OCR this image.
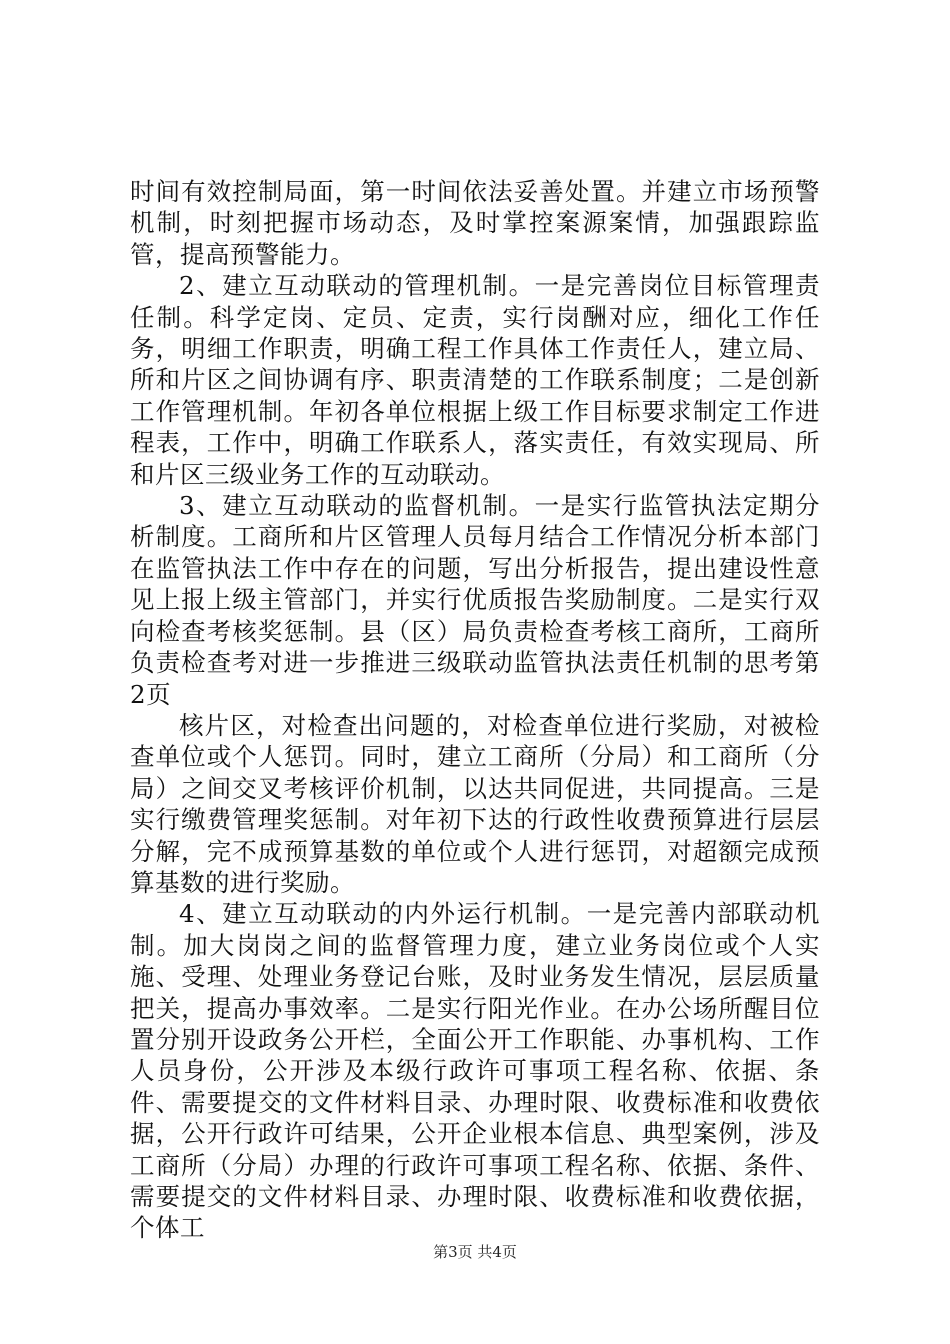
时间有效控制局面，第一时间依法妥善处置。并建立市场预警机制，时刻把握市场动态，及时掌控案源案情，加强跟踪监管，提高预警能力。

2、建立互动联动的管理机制。一是完善岗位目标管理责任制。科学定岗、定员、定责，实行岗酬对应，细化工作任务，明细工作职责，明确工程工作具体工作责任人，建立局、所和片区之间协调有序、职责清楚的工作联系制度；二是创新工作管理机制。年初各单位根据上级工作目标要求制定工作进程表，工作中，明确工作联系人，落实责任，有效实现局、所和片区三级业务工作的互动联动。

3、建立互动联动的监督机制。一是实行监管执法定期分析制度。工商所和片区管理人员每月结合工作情况分析本部门在监管执法工作中存在的问题，写出分析报告，提出建设性意见上报上级主管部门，并实行优质报告奖励制度。二是实行双向检查考核奖惩制。县（区）局负责检查考核工商所，工商所负责检查考对进一步推进三级联动监管执法责任机制的思考第2页

核片区，对检查出问题的，对检查单位进行奖励，对被检查单位或个人惩罚。同时，建立工商所（分局）和工商所（分局）之间交叉考核评价机制，以达共同促进，共同提高。三是实行缴费管理奖惩制。对年初下达的行政性收费预算进行层层分解，完不成预算基数的单位或个人进行惩罚，对超额完成预算基数的进行奖励。

4、建立互动联动的内外运行机制。一是完善内部联动机制。加大岗岗之间的监督管理力度，建立业务岗位或个人实施、受理、处理业务登记台账，及时业务发生情况，层层质量把关，提高办事效率。二是实行阳光作业。在办公场所醒目位置分别开设政务公开栏，全面公开工作职能、办事机构、工作人员身份，公开涉及本级行政许可事项工程名称、依据、条件、需要提交的文件材料目录、办理时限、收费标准和收费依据，公开行政许可结果，公开企业根本信息、典型案例，涉及工商所（分局）办理的行政许可事项工程名称、依据、条件、需要提交的文件材料目录、办理时限、收费标准和收费依据，个体工

第3页 共4页
